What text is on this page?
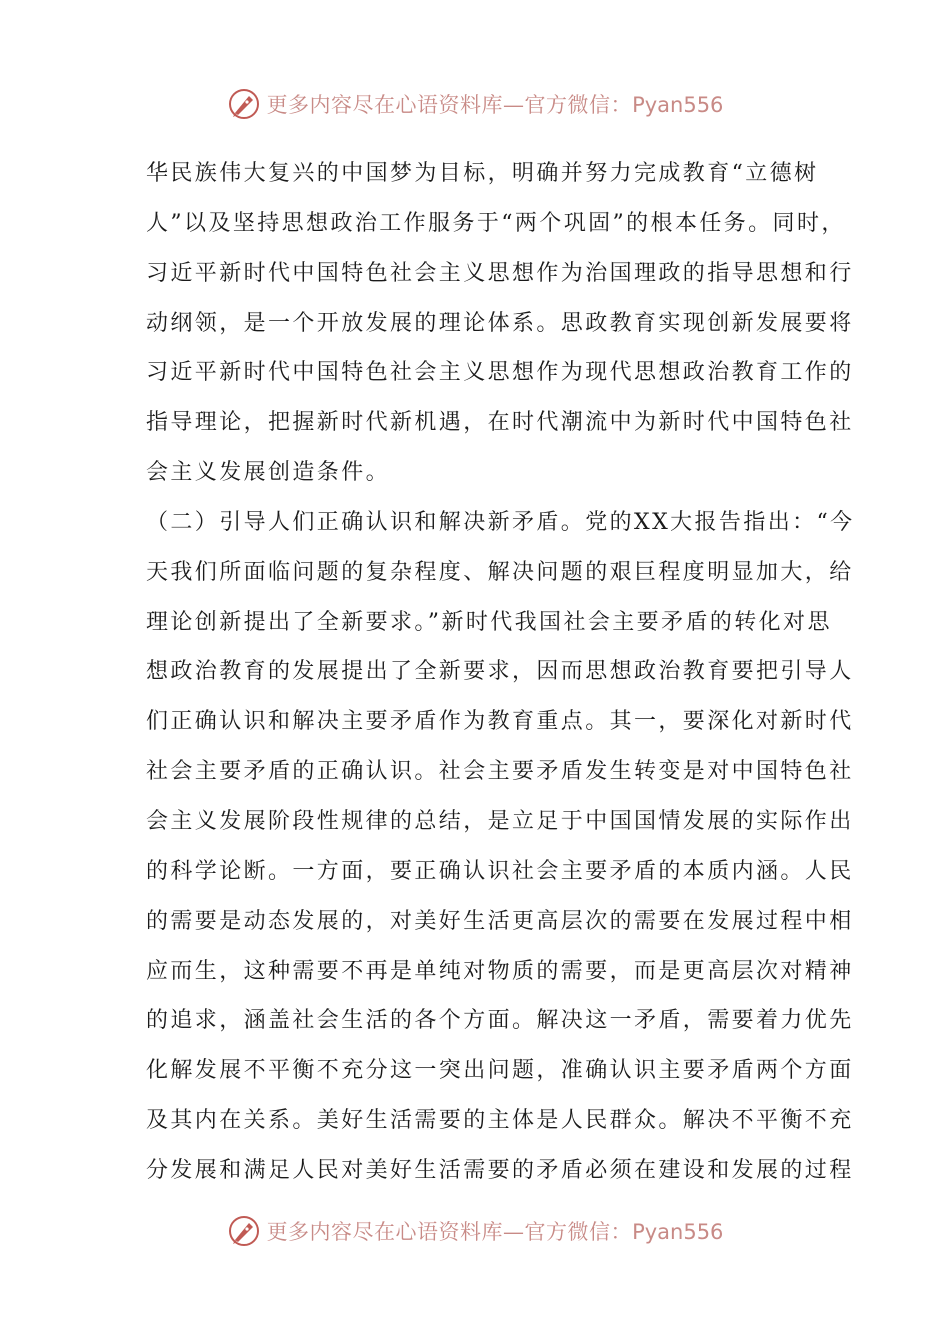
更多内容尽在心语资料库—官方微信：Pyan556
华民族伟大复兴的中国梦为目标，明确并努力完成教育“立德树
人”以及坚持思想政治工作服务于“两个巩固”的根本任务。同时，
习近平新时代中国特色社会主义思想作为治国理政的指导思想和行
动纲领，是一个开放发展的理论体系。思政教育实现创新发展要将
习近平新时代中国特色社会主义思想作为现代思想政治教育工作的
指导理论，把握新时代新机遇，在时代潮流中为新时代中国特色社
会主义发展创造条件。
（二）引导人们正确认识和解决新矛盾。党的XX大报告指出：“今
天我们所面临问题的复杂程度、解决问题的艰巨程度明显加大，给
理论创新提出了全新要求。”新时代我国社会主要矛盾的转化对思
想政治教育的发展提出了全新要求，因而思想政治教育要把引导人
们正确认识和解决主要矛盾作为教育重点。其一，要深化对新时代
社会主要矛盾的正确认识。社会主要矛盾发生转变是对中国特色社
会主义发展阶段性规律的总结，是立足于中国国情发展的实际作出
的科学论断。一方面，要正确认识社会主要矛盾的本质内涵。人民
的需要是动态发展的，对美好生活更高层次的需要在发展过程中相
应而生，这种需要不再是单纯对物质的需要，而是更高层次对精神
的追求，涵盖社会生活的各个方面。解决这一矛盾，需要着力优先
化解发展不平衡不充分这一突出问题，准确认识主要矛盾两个方面
及其内在关系。美好生活需要的主体是人民群众。解决不平衡不充
分发展和满足人民对美好生活需要的矛盾必须在建设和发展的过程
更多内容尽在心语资料库—官方微信：Pyan556
